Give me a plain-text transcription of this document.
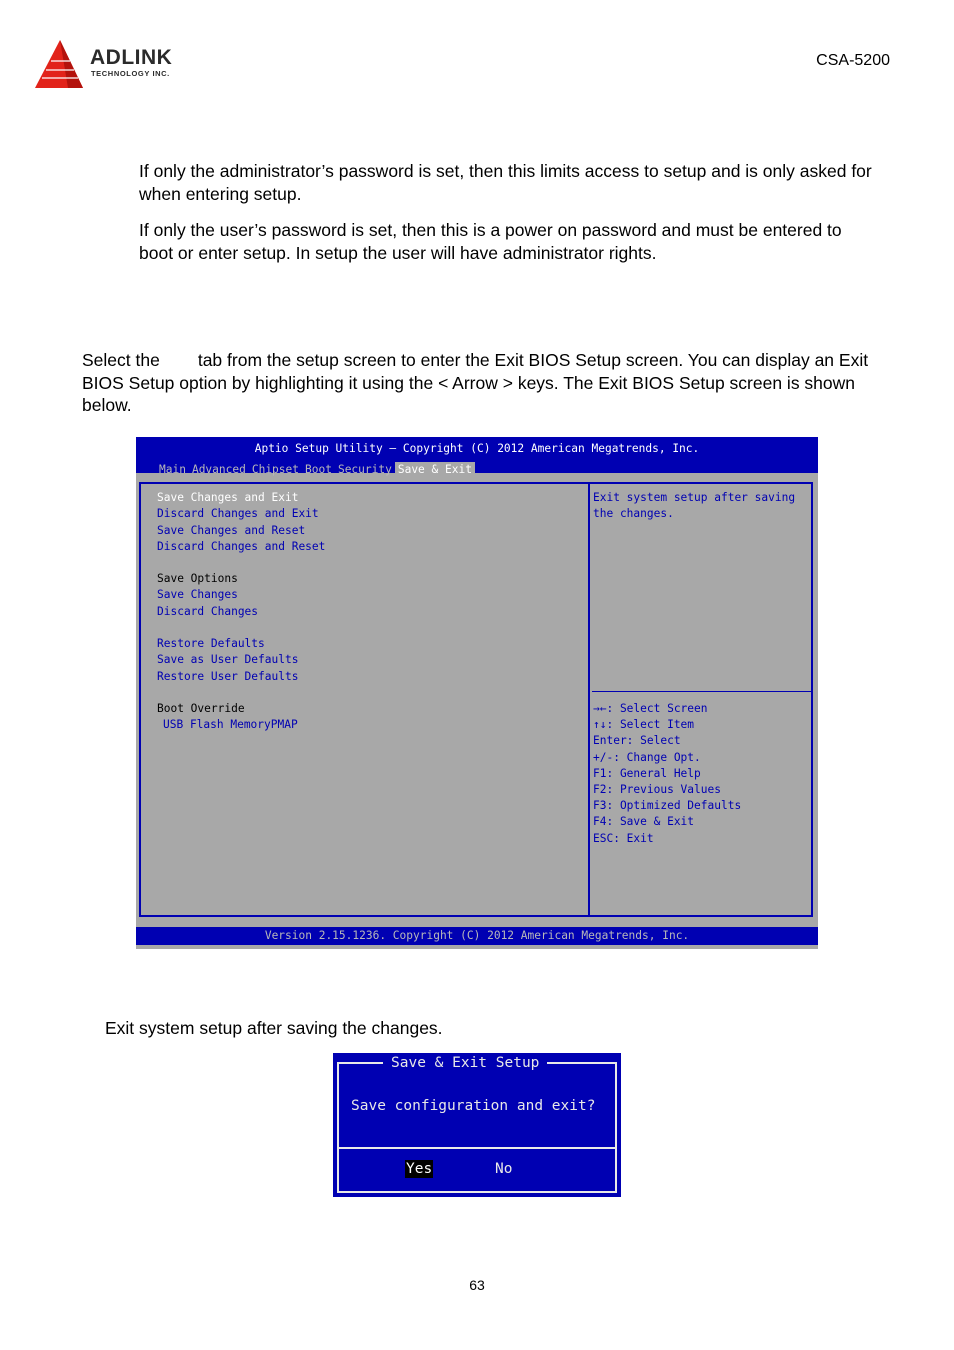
ADLINK
TECHNOLOGY INC.
CSA-5200
If only the administrator’s password is set, then this limits access to setup and is only asked for when entering setup.
If only the user’s password is set, then this is a power on password and must be entered to boot or enter setup. In setup the user will have administrator rights.
Select the tab from the setup screen to enter the Exit BIOS Setup screen. You can display an Exit BIOS Setup option by highlighting it using the < Arrow > keys. The Exit BIOS Setup screen is shown below.
Aptio Setup Utility – Copyright (C) 2012 American Megatrends, Inc.
Main Advanced Chipset Boot Security Save & Exit
Save Changes and Exit
Discard Changes and Exit
Save Changes and Reset
Discard Changes and Reset
Save Options
Save Changes
Discard Changes
Restore Defaults
Save as User Defaults
Restore User Defaults
Boot Override
USB Flash MemoryPMAP
Exit system setup after saving
the changes.
→←: Select Screen
↑↓: Select Item
Enter: Select
+/-: Change Opt.
F1: General Help
F2: Previous Values
F3: Optimized Defaults
F4: Save & Exit
ESC: Exit
Version 2.15.1236. Copyright (C) 2012 American Megatrends, Inc.
Exit system setup after saving the changes.
Save & Exit Setup
Save configuration and exit?
Yes	No
63
